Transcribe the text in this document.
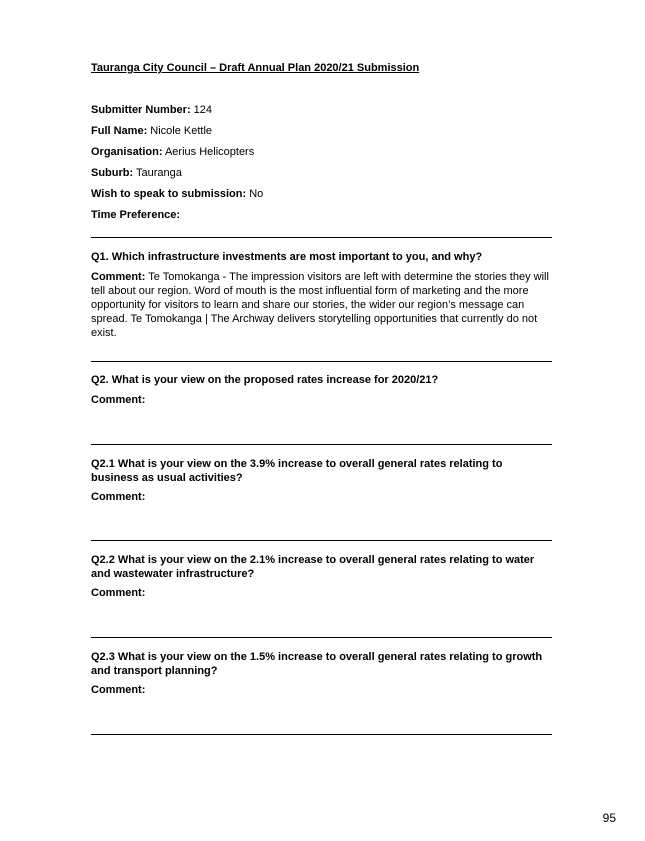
Tauranga City Council – Draft Annual Plan 2020/21 Submission
Submitter Number: 124
Full Name: Nicole Kettle
Organisation: Aerius Helicopters
Suburb: Tauranga
Wish to speak to submission: No
Time Preference:
Q1. Which infrastructure investments are most important to you, and why?
Comment: Te Tomokanga - The impression visitors are left with determine the stories they will tell about our region. Word of mouth is the most influential form of marketing and the more opportunity for visitors to learn and share our stories, the wider our region’s message can spread. Te Tomokanga | The Archway delivers storytelling opportunities that currently do not exist.
Q2. What is your view on the proposed rates increase for 2020/21?
Comment:
Q2.1 What is your view on the 3.9% increase to overall general rates relating to business as usual activities?
Comment:
Q2.2 What is your view on the 2.1% increase to overall general rates relating to water and wastewater infrastructure?
Comment:
Q2.3 What is your view on the 1.5% increase to overall general rates relating to growth and transport planning?
Comment:
95
